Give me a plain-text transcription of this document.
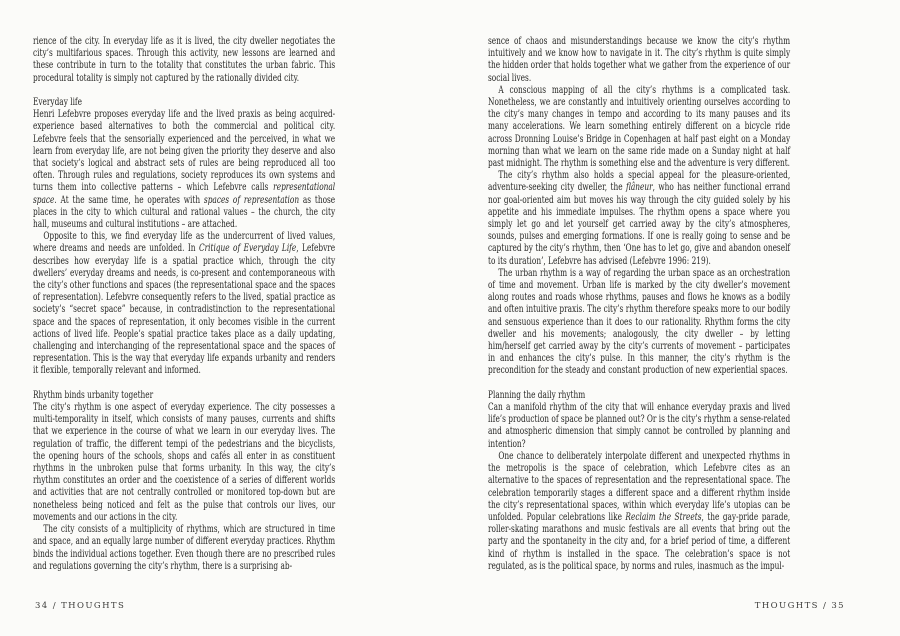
rience of the city. In everyday life as it is lived, the city dweller negotiates the city’s multifarious spaces. Through this activity, new lessons are learned and these contribute in turn to the totality that constitutes the urban fabric. This procedural totality is simply not captured by the rationally divided city.

Everyday life

Henri Lefebvre proposes everyday life and the lived praxis as being acquired-experience based alternatives to both the commercial and political city. Lefebvre feels that the sensorially experienced and the perceived, in what we learn from everyday life, are not being given the priority they deserve and also that society’s logical and abstract sets of rules are being reproduced all too often. Through rules and regulations, society reproduces its own systems and turns them into collective patterns – which Lefebvre calls representational space. At the same time, he operates with spaces of representation as those places in the city to which cultural and rational values – the church, the city hall, museums and cultural institutions – are attached.

Opposite to this, we find everyday life as the undercurrent of lived values, where dreams and needs are unfolded. In Critique of Everyday Life, Lefebvre describes how everyday life is a spatial practice which, through the city dwellers’ everyday dreams and needs, is co-present and contemporaneous with the city’s other functions and spaces (the representational space and the spaces of representation). Lefebvre consequently refers to the lived, spatial practice as society’s “secret space” because, in contradistinction to the representational space and the spaces of representation, it only becomes visible in the current actions of lived life. People’s spatial practice takes place as a daily updating, challenging and interchanging of the representational space and the spaces of representation. This is the way that everyday life expands urbanity and renders it flexible, temporally relevant and informed.

Rhythm binds urbanity together

The city’s rhythm is one aspect of everyday experience. The city possesses a multi-temporality in itself, which consists of many pauses, currents and shifts that we experience in the course of what we learn in our everyday lives. The regulation of traffic, the different tempi of the pedestrians and the bicyclists, the opening hours of the schools, shops and cafés all enter in as constituent rhythms in the unbroken pulse that forms urbanity. In this way, the city’s rhythm constitutes an order and the coexistence of a series of different worlds and activities that are not centrally controlled or monitored top-down but are nonetheless being noticed and felt as the pulse that controls our lives, our movements and our actions in the city.

The city consists of a multiplicity of rhythms, which are structured in time and space, and an equally large number of different everyday practices. Rhythm binds the individual actions together. Even though there are no prescribed rules and regulations governing the city’s rhythm, there is a surprising ab-

sence of chaos and misunderstandings because we know the city’s rhythm intuitively and we know how to navigate in it. The city’s rhythm is quite simply the hidden order that holds together what we gather from the experience of our social lives.

A conscious mapping of all the city’s rhythms is a complicated task. Nonetheless, we are constantly and intuitively orienting ourselves according to the city’s many changes in tempo and according to its many pauses and its many accelerations. We learn something entirely different on a bicycle ride across Dronning Louise’s Bridge in Copenhagen at half past eight on a Monday morning than what we learn on the same ride made on a Sunday night at half past midnight. The rhythm is something else and the adventure is very different.

The city’s rhythm also holds a special appeal for the pleasure-oriented, adventure-seeking city dweller, the flâneur, who has neither functional errand nor goal-oriented aim but moves his way through the city guided solely by his appetite and his immediate impulses. The rhythm opens a space where you simply let go and let yourself get carried away by the city’s atmospheres, sounds, pulses and emerging formations. If one is really going to sense and be captured by the city’s rhythm, then ‘One has to let go, give and abandon oneself to its duration’, Lefebvre has advised (Lefebvre 1996: 219).

The urban rhythm is a way of regarding the urban space as an orchestration of time and movement. Urban life is marked by the city dweller’s movement along routes and roads whose rhythms, pauses and flows he knows as a bodily and often intuitive praxis. The city’s rhythm therefore speaks more to our bodily and sensuous experience than it does to our rationality. Rhythm forms the city dweller and his movements; analogously, the city dweller – by letting him/herself get carried away by the city’s currents of movement – participates in and enhances the city’s pulse. In this manner, the city’s rhythm is the precondition for the steady and constant production of new experiential spaces.

Planning the daily rhythm

Can a manifold rhythm of the city that will enhance everyday praxis and lived life’s production of space be planned out? Or is the city’s rhythm a sense-related and atmospheric dimension that simply cannot be controlled by planning and intention?

One chance to deliberately interpolate different and unexpected rhythms in the metropolis is the space of celebration, which Lefebvre cites as an alternative to the spaces of representation and the representational space. The celebration temporarily stages a different space and a different rhythm inside the city’s representational spaces, within which everyday life’s utopias can be unfolded. Popular celebrations like Reclaim the Streets, the gay-pride parade, roller-skating marathons and music festivals are all events that bring out the party and the spontaneity in the city and, for a brief period of time, a different kind of rhythm is installed in the space. The celebration’s space is not regulated, as is the political space, by norms and rules, inasmuch as the impul-

34 / THOUGHTS	THOUGHTS / 35
